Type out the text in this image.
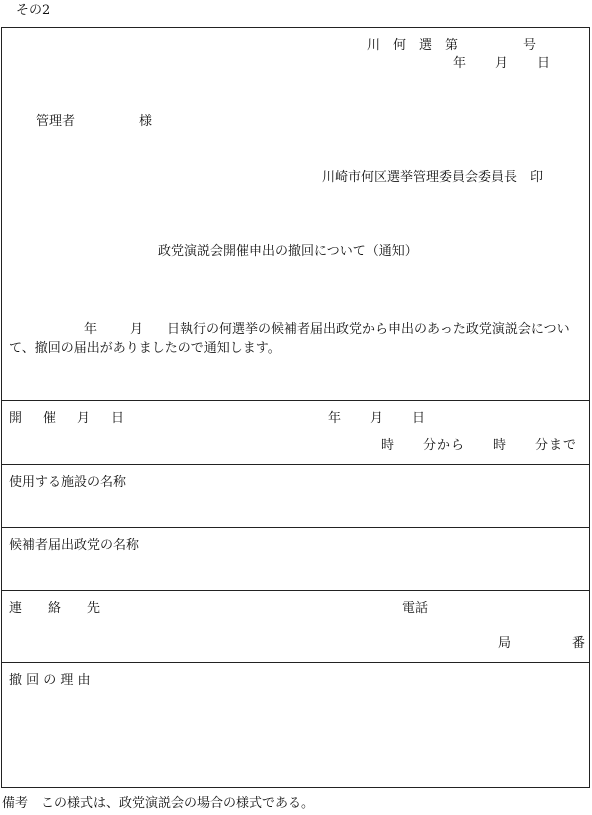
その2
川　何　選　第　　　　　号
年　　月　　日
管理者	様
川崎市何区選挙管理委員会委員長　印
政党演説会開催申出の撤回について（通知）
年	月 日執行の何選挙の候補者届出政党から申出のあった政党演説会について、撤回の届出がありましたので通知します。
開　催　月　日	年　　月　　日
時　　分から　　時　　分まで
使用する施設の名称
候補者届出政党の名称
連　　絡　　先	電話
局	番
撤 回 の 理 由
備考　この様式は、政党演説会の場合の様式である。
